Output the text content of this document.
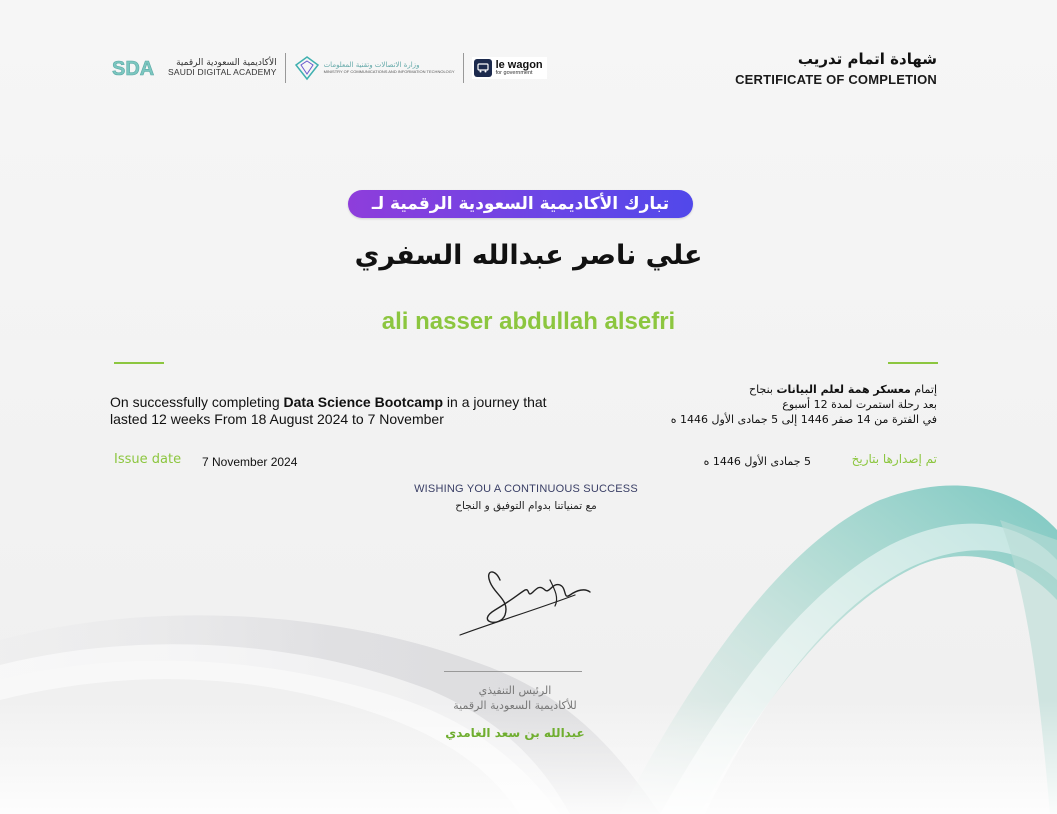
SDA الأكاديمية السعودية الرقمية
SAUDI DIGITAL ACADEMY
وزارة الاتصالات وتقنية المعلومات
MINISTRY OF COMMUNICATIONS AND INFORMATION TECHNOLOGY
le wagon
for government
شهادة اتمام تدريب
CERTIFICATE OF COMPLETION
تبارك الأكاديمية السعودية الرقمية لـ
علي ناصر عبدالله السفري
ali nasser abdullah alsefri
On successfully completing Data Science Bootcamp in a journey that lasted 12 weeks From 18 August 2024 to 7 November
إتمام معسكر همة لعلم البيانات بنجاح
بعد رحلة استمرت لمدة 12 أسبوع
في الفترة من 14 صفر 1446 إلى 5 جمادى الأول 1446 ه
Issue date 7 November 2024	تم إصدارها بتاريخ
5 جمادى الأول 1446 ه
WISHING YOU A CONTINUOUS SUCCESS
مع تمنياتنا بدوام التوفيق و النجاح
الرئيس التنفيذي
للأكاديمية السعودية الرقمية
عبدالله بن سعد الغامدي
